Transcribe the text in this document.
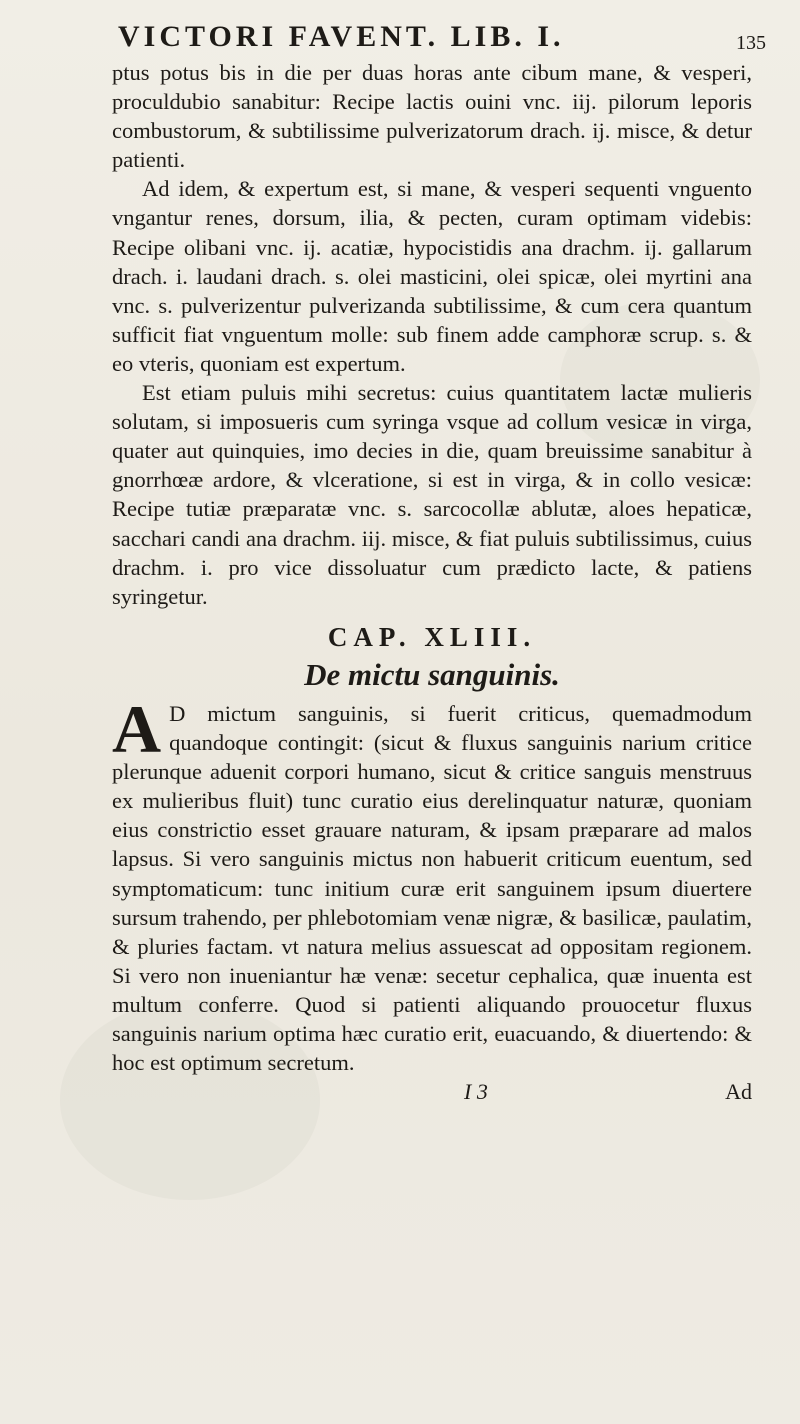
VICTORI FAVENT. LIB. I.	135

ptus potus bis in die per duas horas ante cibum mane, & vesperi, proculdubio sanabitur: Recipe lactis ouini vnc. iij. pilorum leporis combustorum, & subtilissime pulverizatorum drach. ij. misce, & detur patienti.

Ad idem, & expertum est, si mane, & vesperi sequenti vnguento vngantur renes, dorsum, ilia, & pecten, curam optimam videbis: Recipe olibani vnc. ij. acatiæ, hypocistidis ana drachm. ij. gallarum drach. i. laudani drach. s. olei masticini, olei spicæ, olei myrtini ana vnc. s. pulverizentur pulverizanda subtilissime, & cum cera quantum sufficit fiat vnguentum molle: sub finem adde camphoræ scrup. s. & eo vteris, quoniam est expertum.

Est etiam puluis mihi secretus: cuius quantitatem lactæ mulieris solutam, si imposueris cum syringa vsque ad collum vesicæ in virga, quater aut quinquies, imo decies in die, quam breuissime sanabitur à gnorrhœæ ardore, & vlceratione, si est in virga, & in collo vesicæ: Recipe tutiæ præparatæ vnc. s. sarcocollæ ablutæ, aloes hepaticæ, sacchari candi ana drachm. iij. misce, & fiat puluis subtilissimus, cuius drachm. i. pro vice dissoluatur cum prædicto lacte, & patiens syringetur.

CAP. XLIII.

De mictu sanguinis.

A D mictum sanguinis, si fuerit criticus, quemadmodum quandoque contingit: (sicut & fluxus sanguinis narium critice plerunque aduenit corpori humano, sicut & critice sanguis menstruus ex mulieribus fluit) tunc curatio eius derelinquatur naturæ, quoniam eius constrictio esset grauare naturam, & ipsam præparare ad malos lapsus. Si vero sanguinis mictus non habuerit criticum euentum, sed symptomaticum: tunc initium curæ erit sanguinem ipsum diuertere sursum trahendo, per phlebotomiam venæ nigræ, & basilicæ, paulatim, & pluries factam. vt natura melius assuescat ad oppositam regionem. Si vero non inueniantur hæ venæ: secetur cephalica, quæ inuenta est multum conferre. Quod si patienti aliquando prouocetur fluxus sanguinis narium optima hæc curatio erit, euacuando, & diuertendo: & hoc est optimum secretum.

I 3	Ad
